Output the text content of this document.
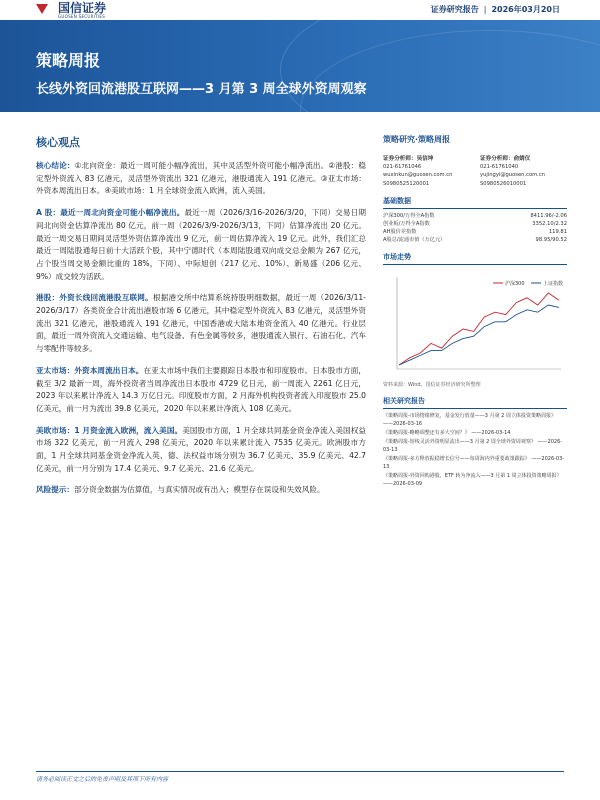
国信证券
GUOSEN SECURITIES
证券研究报告 | 2026年03月20日
策略周报
长线外资回流港股互联网——3 月第 3 周全球外资周观察
核心观点

核心结论：①北向资金：最近一周可能小幅净流出，其中灵活型外资可能小幅净流出。②港股：稳定型外资流入 83 亿港元，灵活型外资流出 321 亿港元，港股通流入 191 亿港元。③亚太市场：外资本周流出日本。④美欧市场：1 月全球资金流入欧洲，流入美国。

A 股：最近一周北向资金可能小幅净流出。最近一周（2026/3/16-2026/3/20，下同）交易日期间北向资金估算净流出 80 亿元，前一周（2026/3/9-2026/3/13，下同）估算净流出 20 亿元。最近一周交易日期间灵活型外资估算净流出 9 亿元，前一周估算净流入 19 亿元。此外，我们汇总最近一周陆股通每日前十大活跃个股，其中宁德时代（本周陆股通双向成交总金额为 267 亿元，占个股当周交易金额比重的 18%，下同）、中际旭创（217 亿元、10%）、新易盛（206 亿元、9%）成交较为活跃。

港股：外资长线回流港股互联网。根据港交所中结算系统持股明细数据，最近一周（2026/3/11-2026/3/17）各类资金合计流出港股市场 6 亿港元，其中稳定型外资流入 83 亿港元，灵活型外资流出 321 亿港元，港股通流入 191 亿港元，中国香港或大陆本地资金流入 40 亿港元。行业层面，最近一周外资流入交通运输、电气设备、有色金属等较多，港股通流入银行、石油石化、汽车与零配件等较多。

亚太市场：外资本周流出日本。在亚太市场中我们主要跟踪日本股市和印度股市。日本股市方面，截至 3/2 最新一周，海外投资者当周净流出日本股市 4729 亿日元，前一周流入 2261 亿日元，2023 年以来累计净流入 14.3 万亿日元。印度股市方面，2 月海外机构投资者流入印度股市 25.0 亿美元，前一月为流出 39.8 亿美元，2020 年以来累计净流入 108 亿美元。

美欧市场：1 月资金流入欧洲，流入美国。美国股市方面，1 月全球共同基金资金净流入美国权益市场 322 亿美元，前一月流入 298 亿美元，2020 年以来累计流入 7535 亿美元。欧洲股市方面，1 月全球共同基金资金净流入英、德、法权益市场分别为 36.7 亿美元、35.9 亿美元、42.7 亿美元，前一月分别为 17.4 亿美元、9.7 亿美元、21.6 亿美元。

风险提示：部分资金数据为估算值，与真实情况或有出入；模型存在误设和失效风险。

策略研究·策略周报
证券分析师：吴信坤
021-61761046
wuxinkun@guosen.com.cn
S0980525120001
证券分析师：俞婧仪
021-61761040
yujingyi@guosen.com.cn
S0980526010001
基础数据
沪深300/万得全A指数	8411.96/-2.06
创业板/万得全A指数	3352.10/2.32
AH股价差指数	119.81
A股总/流通市值（万亿元）	98.95/90.52
市场走势
沪深300	上证指数
资料来源：Wind、国信证券经济研究所整理
相关研究报告
《策略周报-市场情绪修复，基金发行放量——3 月第 2 周立体投资策略周报》 ——2026-03-16
《策略周报-略略调整还有多大空间？》 ——2026-03-14
《策略周报-短线灵活外资明显流出——3 月第 2 周全球外资周观察》 ——2026-03-13
《策略周报-多方释放振稳增长信号——每周海内外重要政策跟踪》 ——2026-03-13
《策略周报-外资回购港股，ETF 转为净流入——3 月第 1 周立体投资策略周报》 ——2026-03-09
请务必阅读正文之后的免责声明及其项下所有内容
